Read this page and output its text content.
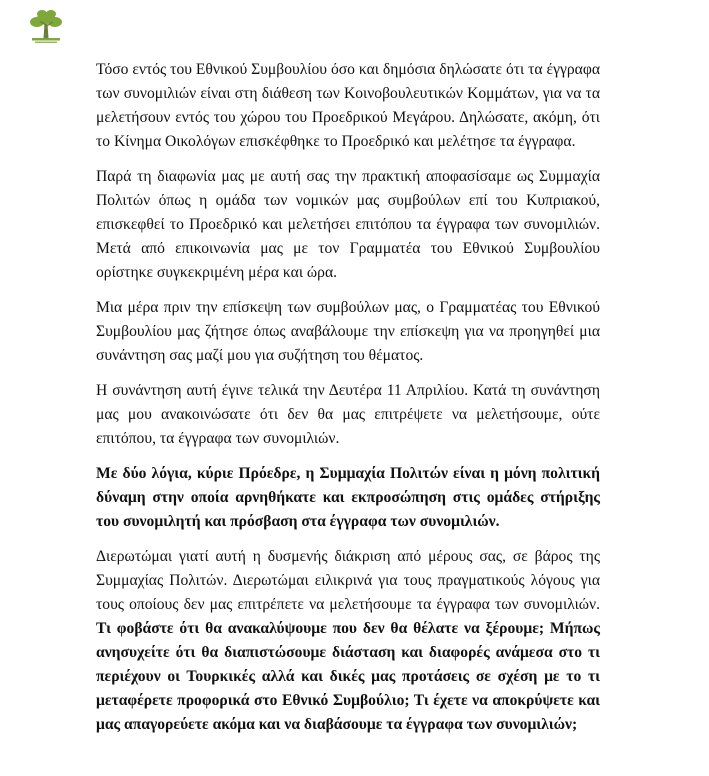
Τόσο εντός του Εθνικού Συμβουλίου όσο και δημόσια δηλώσατε ότι τα έγγραφα των συνομιλιών είναι στη διάθεση των Κοινοβουλευτικών Κομμάτων, για να τα μελετήσουν εντός του χώρου του Προεδρικού Μεγάρου. Δηλώσατε, ακόμη, ότι το Κίνημα Οικολόγων επισκέφθηκε το Προεδρικό και μελέτησε τα έγγραφα.

Παρά τη διαφωνία μας με αυτή σας την πρακτική αποφασίσαμε ως Συμμαχία Πολιτών όπως η ομάδα των νομικών μας συμβούλων επί του Κυπριακού, επισκεφθεί το Προεδρικό και μελετήσει επιτόπου τα έγγραφα των συνομιλιών. Μετά από επικοινωνία μας με τον Γραμματέα του Εθνικού Συμβουλίου ορίστηκε συγκεκριμένη μέρα και ώρα.

Μια μέρα πριν την επίσκεψη των συμβούλων μας, ο Γραμματέας του Εθνικού Συμβουλίου μας ζήτησε όπως αναβάλουμε την επίσκεψη για να προηγηθεί μια συνάντηση σας μαζί μου για συζήτηση του θέματος.

Η συνάντηση αυτή έγινε τελικά την Δευτέρα 11 Απριλίου. Κατά τη συνάντηση μας μου ανακοινώσατε ότι δεν θα μας επιτρέψετε να μελετήσουμε, ούτε επιτόπου, τα έγγραφα των συνομιλιών.

Με δύο λόγια, κύριε Πρόεδρε, η Συμμαχία Πολιτών είναι η μόνη πολιτική δύναμη στην οποία αρνηθήκατε και εκπροσώπηση στις ομάδες στήριξης του συνομιλητή και πρόσβαση στα έγγραφα των συνομιλιών.

Διερωτώμαι γιατί αυτή η δυσμενής διάκριση από μέρους σας, σε βάρος της Συμμαχίας Πολιτών. Διερωτώμαι ειλικρινά για τους πραγματικούς λόγους για τους οποίους δεν μας επιτρέπετε να μελετήσουμε τα έγγραφα των συνομιλιών. Τι φοβάστε ότι θα ανακαλύψουμε που δεν θα θέλατε να ξέρουμε; Μήπως ανησυχείτε ότι θα διαπιστώσουμε διάσταση και διαφορές ανάμεσα στο τι περιέχουν οι Τουρκικές αλλά και δικές μας προτάσεις σε σχέση με το τι μεταφέρετε προφορικά στο Εθνικό Συμβούλιο; Τι έχετε να αποκρύψετε και μας απαγορεύετε ακόμα και να διαβάσουμε τα έγγραφα των συνομιλιών;
